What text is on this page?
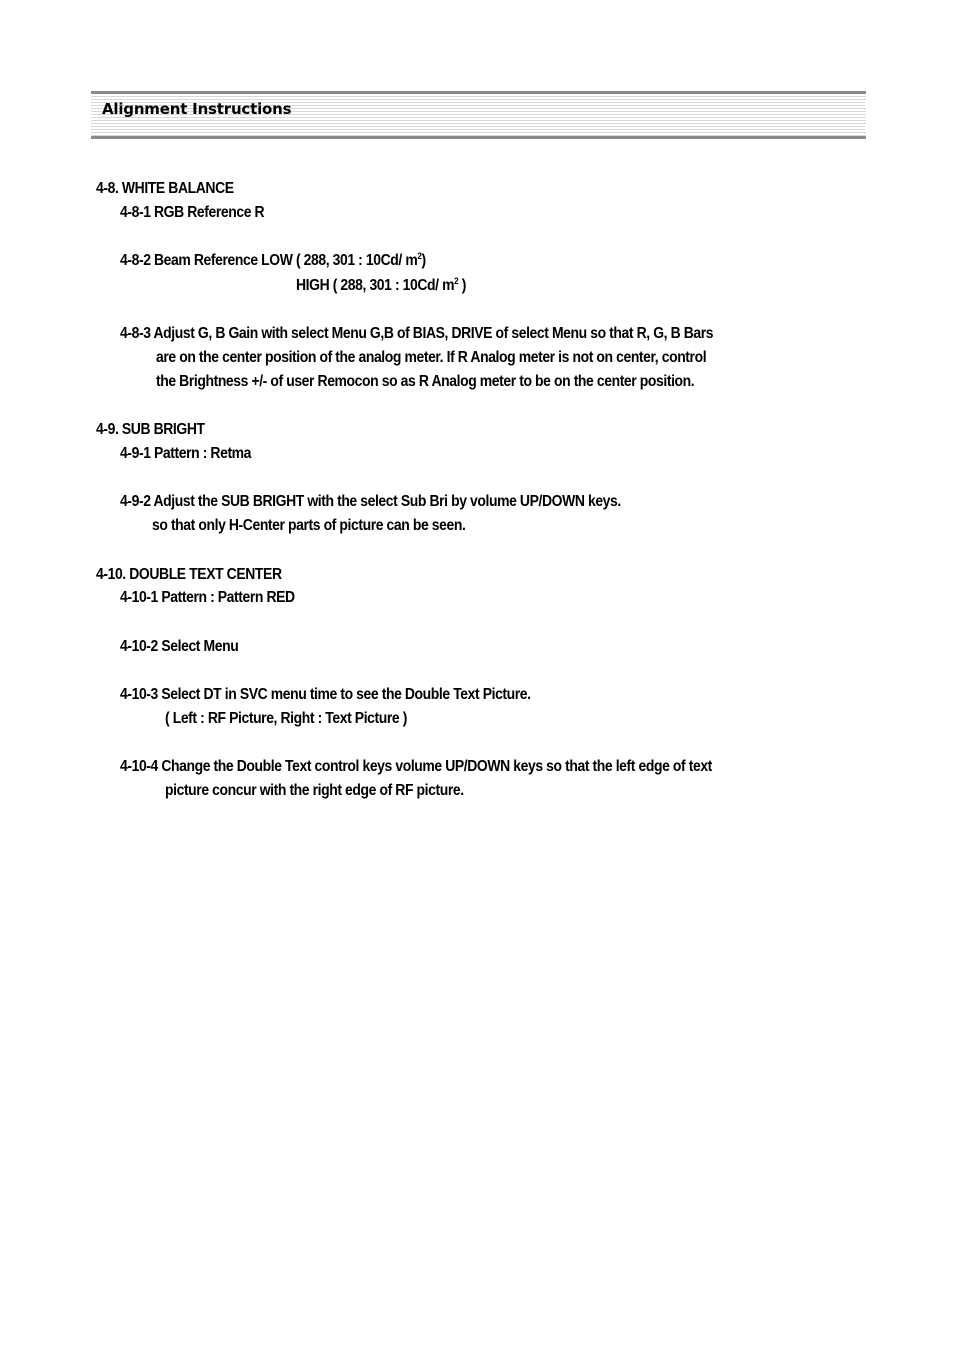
Alignment Instructions
4-8. WHITE BALANCE
4-8-1 RGB Reference R
4-8-2 Beam Reference LOW ( 288, 301 : 10Cd/ $m^2$)
HIGH ( 288, 301 : 10Cd/ $m^2$ )
4-8-3 Adjust G, B Gain with select Menu G,B of BIAS, DRIVE of select Menu so that R, G, B Bars
are on the center position of the analog meter. If R Analog meter is not on center, control
the Brightness +/- of user Remocon so as R Analog meter to be on the center position.
4-9. SUB BRIGHT
4-9-1 Pattern : Retma
4-9-2 Adjust the SUB BRIGHT with the select Sub Bri by volume UP/DOWN keys.
so that only H-Center parts of picture can be seen.
4-10. DOUBLE TEXT CENTER
4-10-1 Pattern : Pattern RED
4-10-2 Select Menu
4-10-3 Select DT in SVC menu time to see the Double Text Picture.
( Left : RF Picture, Right : Text Picture )
4-10-4 Change the Double Text control keys volume UP/DOWN keys so that the left edge of text
picture concur with the right edge of RF picture.
